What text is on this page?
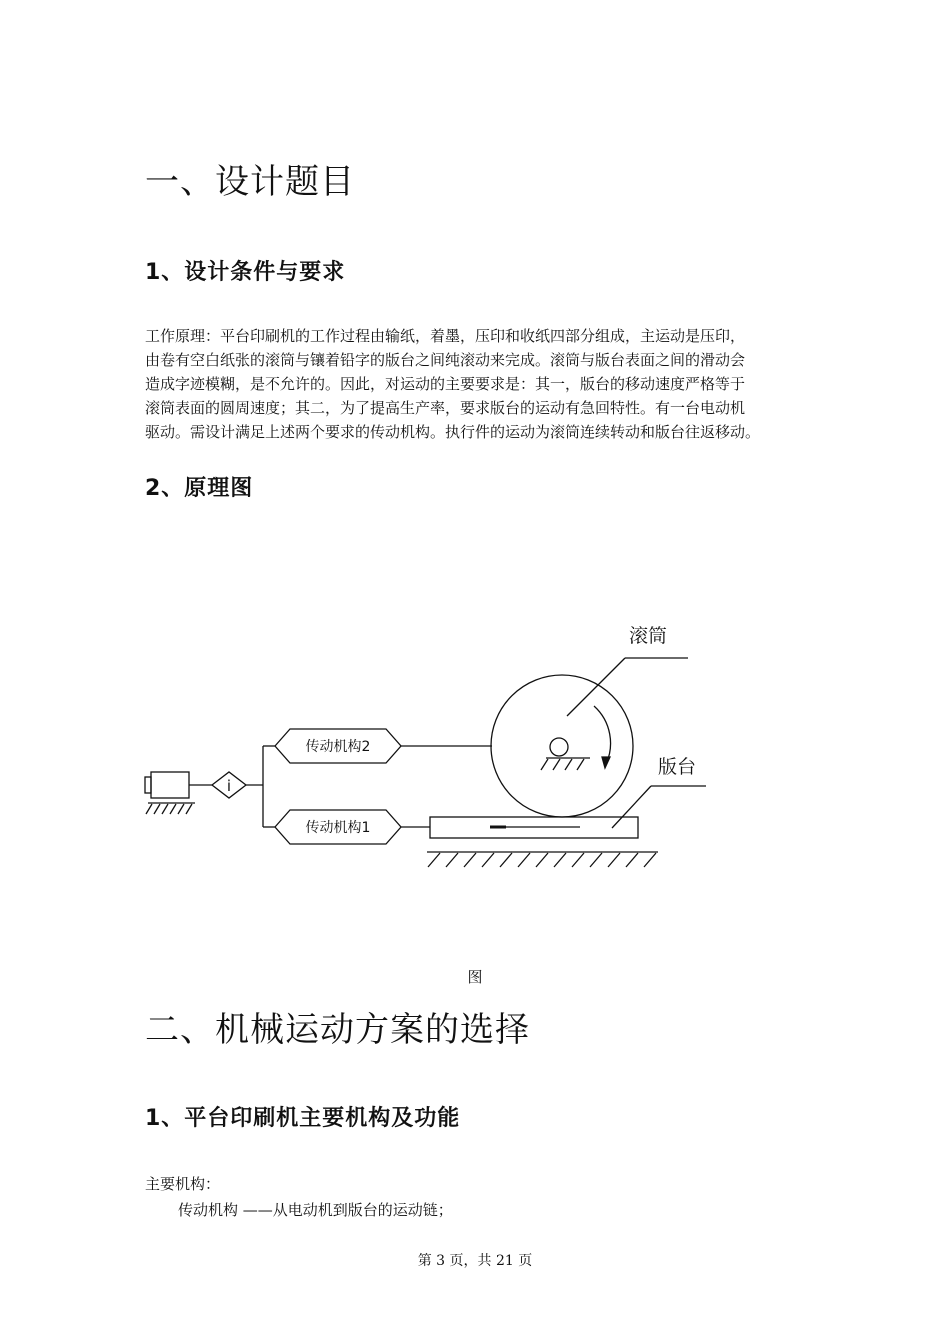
一、设计题目
1、设计条件与要求
工作原理：平台印刷机的工作过程由输纸，着墨，压印和收纸四部分组成，主运动是压印，
由卷有空白纸张的滚筒与镶着铅字的版台之间纯滚动来完成。滚筒与版台表面之间的滑动会
造成字迹模糊，是不允许的。因此，对运动的主要要求是：其一，版台的移动速度严格等于
滚筒表面的圆周速度；其二，为了提高生产率，要求版台的运动有急回特性。有一台电动机
驱动。需设计满足上述两个要求的传动机构。执行件的运动为滚筒连续转动和版台往返移动。
2、原理图
i
传动机构2
传动机构1
滚筒
版台
图
二、机械运动方案的选择
1、平台印刷机主要机构及功能
主要机构：
传动机构 ——从电动机到版台的运动链；
第 3 页，共 21 页
